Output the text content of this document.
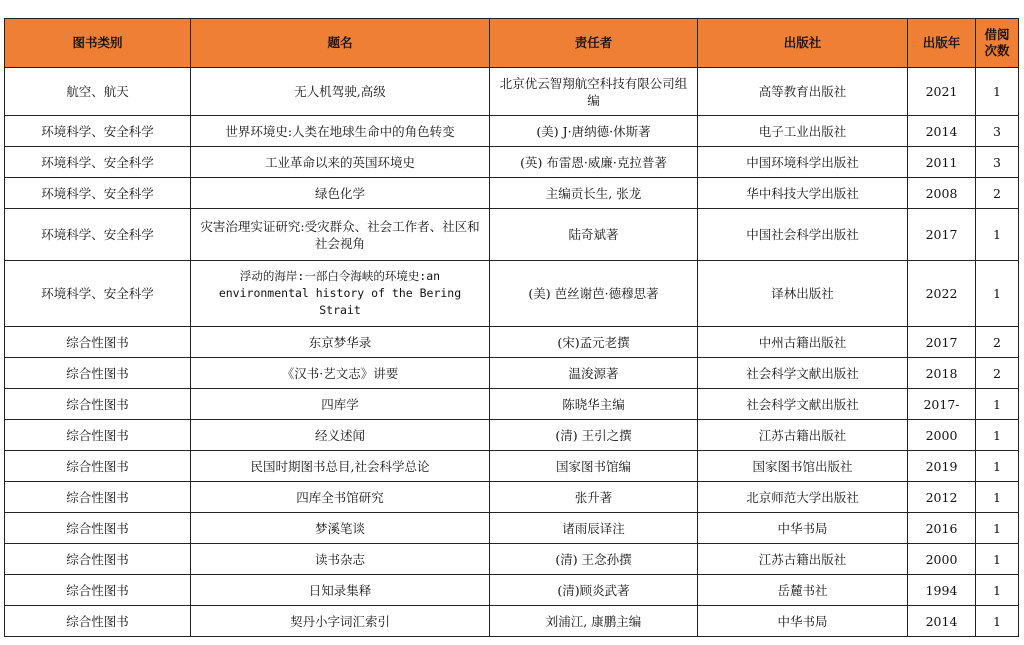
图书类别	题名	责任者	出版社	出版年	借阅次数
航空、航天	无人机驾驶,高级	北京优云智翔航空科技有限公司组编	高等教育出版社	2021	1
环境科学、安全科学	世界环境史:人类在地球生命中的角色转变	(美) J·唐纳德·休斯著	电子工业出版社	2014	3
环境科学、安全科学	工业革命以来的英国环境史	(英) 布雷恩·威廉·克拉普著	中国环境科学出版社	2011	3
环境科学、安全科学	绿色化学	主编贡长生, 张龙	华中科技大学出版社	2008	2
环境科学、安全科学	灾害治理实证研究:受灾群众、社会工作者、社区和社会视角	陆奇斌著	中国社会科学出版社	2017	1
环境科学、安全科学	浮动的海岸:一部白令海峡的环境史:an environmental history of the Bering Strait	(美) 芭丝谢芭·德穆思著	译林出版社	2022	1
综合性图书	东京梦华录	(宋)孟元老撰	中州古籍出版社	2017	2
综合性图书	《汉书·艺文志》讲要	温浚源著	社会科学文献出版社	2018	2
综合性图书	四库学	陈晓华主编	社会科学文献出版社	2017-	1
综合性图书	经义述闻	(清) 王引之撰	江苏古籍出版社	2000	1
综合性图书	民国时期图书总目,社会科学总论	国家图书馆编	国家图书馆出版社	2019	1
综合性图书	四库全书馆研究	张升著	北京师范大学出版社	2012	1
综合性图书	梦溪笔谈	诸雨辰译注	中华书局	2016	1
综合性图书	读书杂志	(清) 王念孙撰	江苏古籍出版社	2000	1
综合性图书	日知录集释	(清)顾炎武著	岳麓书社	1994	1
综合性图书	契丹小字词汇索引	刘浦江, 康鹏主编	中华书局	2014	1
